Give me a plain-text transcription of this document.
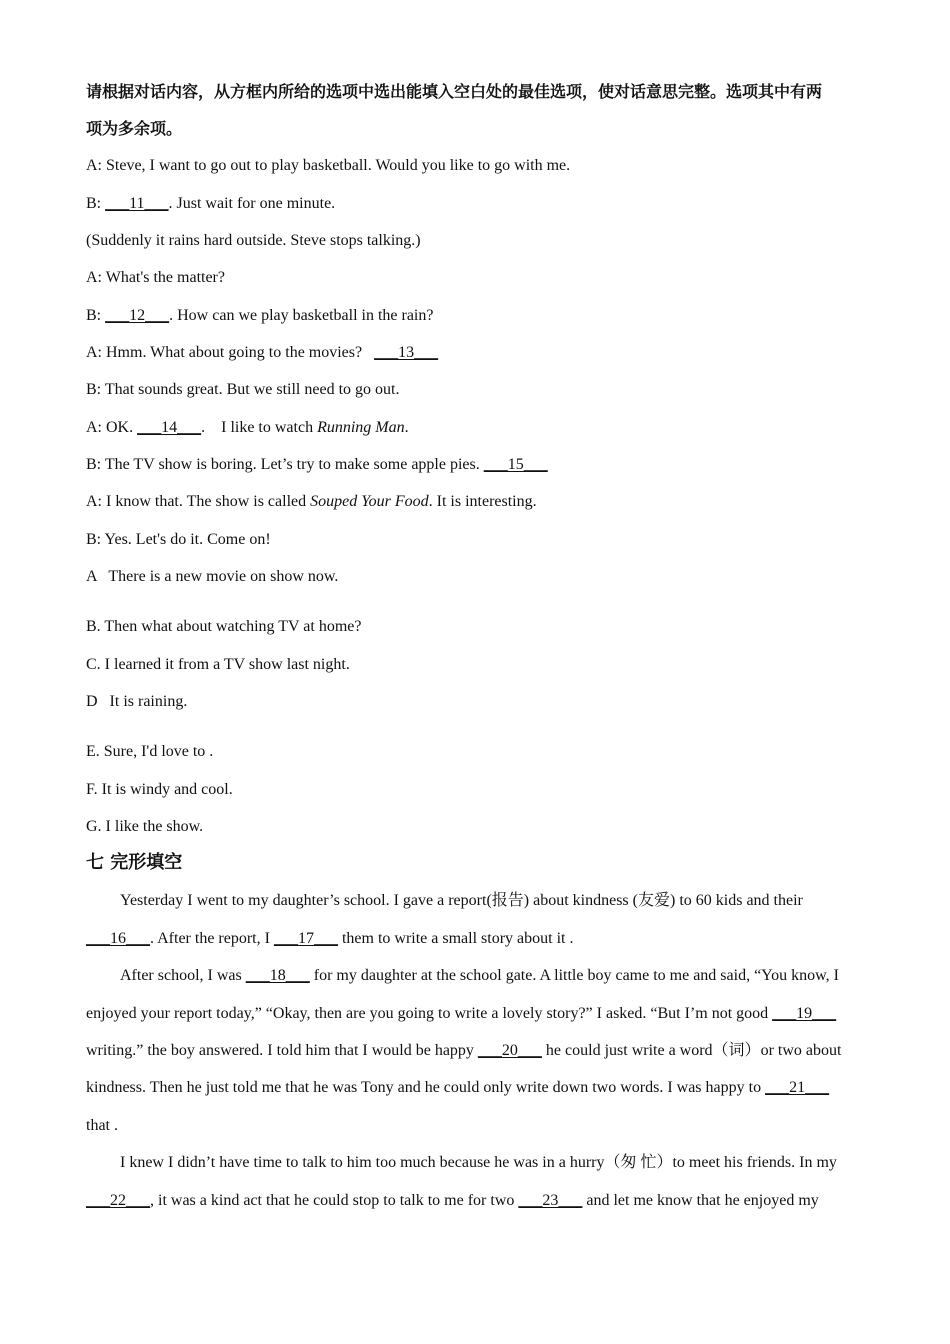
请根据对话内容，从方框内所给的选项中选出能填入空白处的最佳选项，使对话意思完整。选项其中有两
项为多余项。
A: Steve, I want to go out to play basketball. Would you like to go with me.
B: ___11___. Just wait for one minute.
(Suddenly it rains hard outside. Steve stops talking.)
A: What's the matter?
B: ___12___. How can we play basketball in the rain?
A: Hmm. What about going to the movies?   ___13___
B: That sounds great. But we still need to go out.
A: OK. ___14___.    I like to watch Running Man.
B: The TV show is boring. Let’s try to make some apple pies. ___15___
A: I know that. The show is called Souped Your Food. It is interesting.
B: Yes. Let's do it. Come on!
A   There is a new movie on show now.
B. Then what about watching TV at home?
C. I learned it from a TV show last night.
D   It is raining.
E. Sure, I'd love to .
F. It is windy and cool.
G. I like the show.
七 完形填空
Yesterday I went to my daughter’s school. I gave a report(报告) about kindness (友爱) to 60 kids and their
___16___. After the report, I ___17___ them to write a small story about it .
After school, I was ___18___ for my daughter at the school gate. A little boy came to me and said, “You know, I
enjoyed your report today,” “Okay, then are you going to write a lovely story?” I asked. “But I’m not good ___19___
writing.” the boy answered. I told him that I would be happy ___20___ he could just write a word（词）or two about
kindness. Then he just told me that he was Tony and he could only write down two words. I was happy to ___21___
that .
I knew I didn’t have time to talk to him too much because he was in a hurry（匆 忙）to meet his friends. In my
___22___, it was a kind act that he could stop to talk to me for two ___23___ and let me know that he enjoyed my
